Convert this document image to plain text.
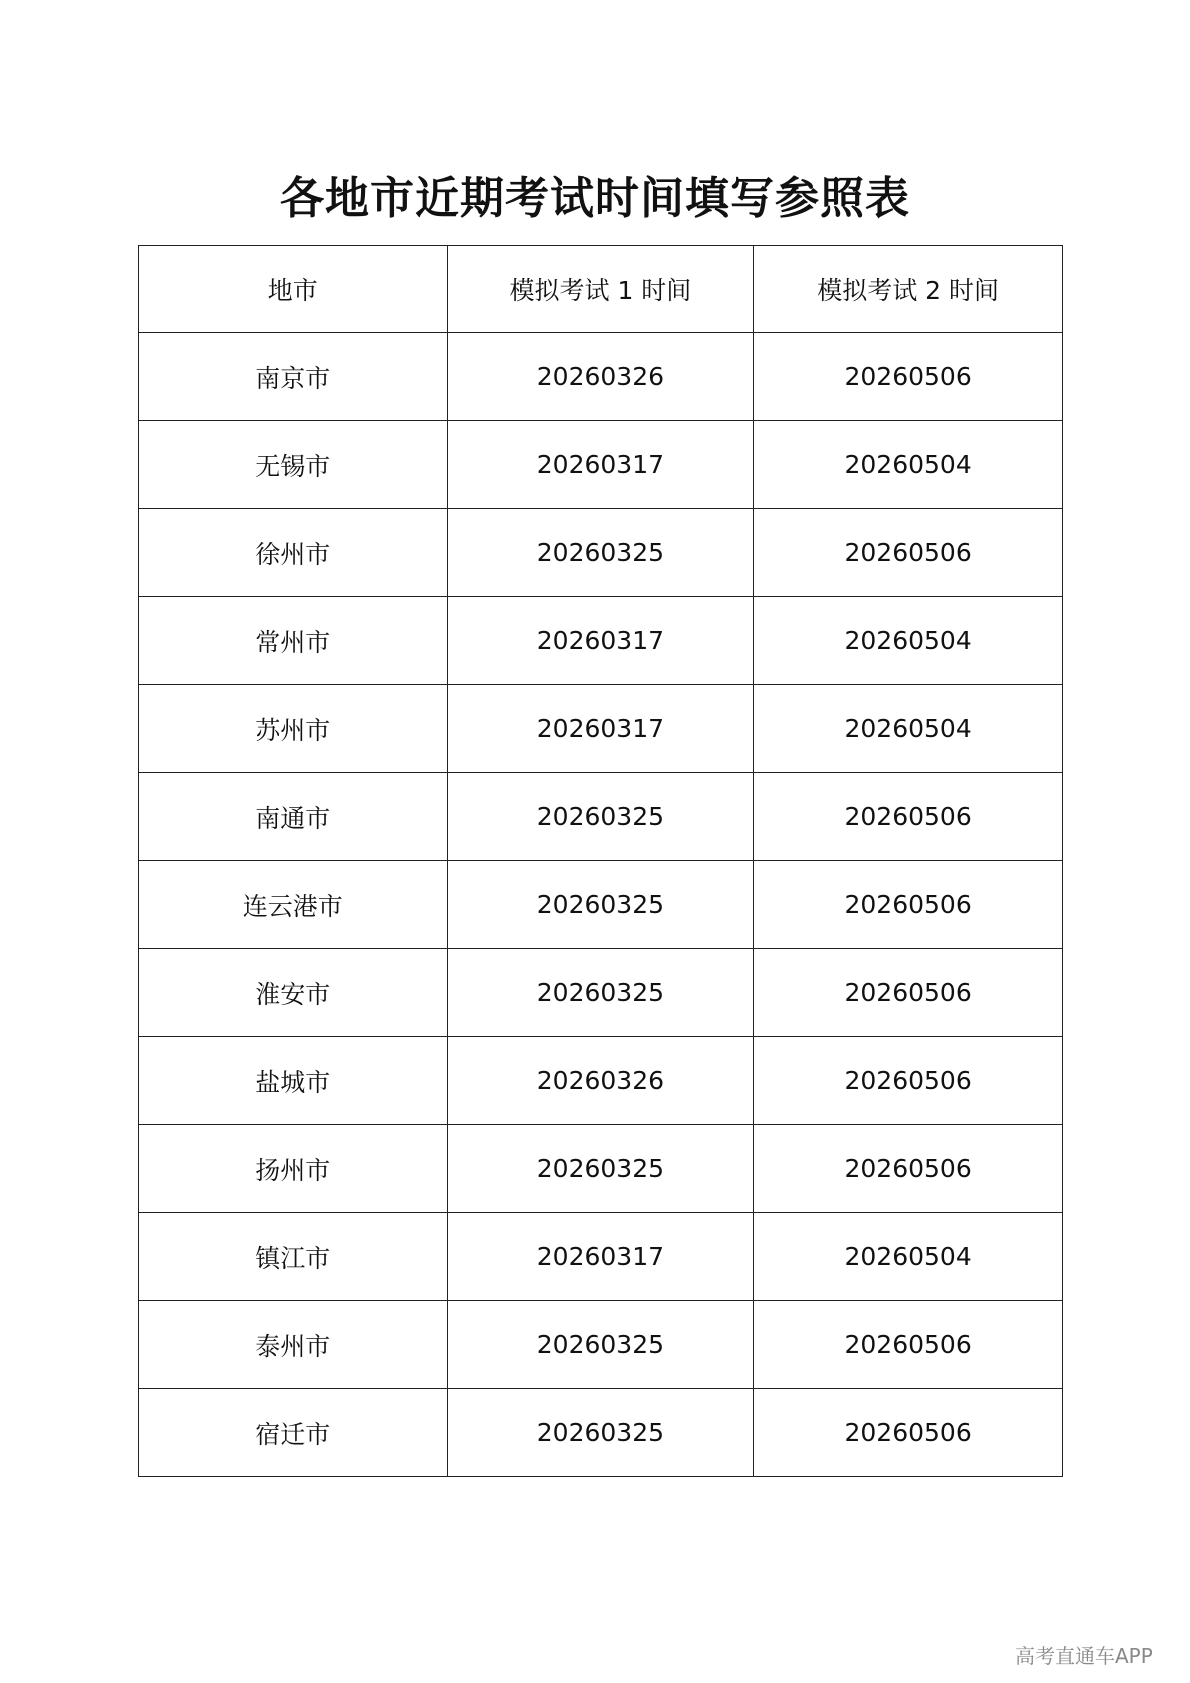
各地市近期考试时间填写参照表
地市	模拟考试 1 时间	模拟考试 2 时间
南京市	20260326	20260506
无锡市	20260317	20260504
徐州市	20260325	20260506
常州市	20260317	20260504
苏州市	20260317	20260504
南通市	20260325	20260506
连云港市	20260325	20260506
淮安市	20260325	20260506
盐城市	20260326	20260506
扬州市	20260325	20260506
镇江市	20260317	20260504
泰州市	20260325	20260506
宿迁市	20260325	20260506
高考直通车APP
